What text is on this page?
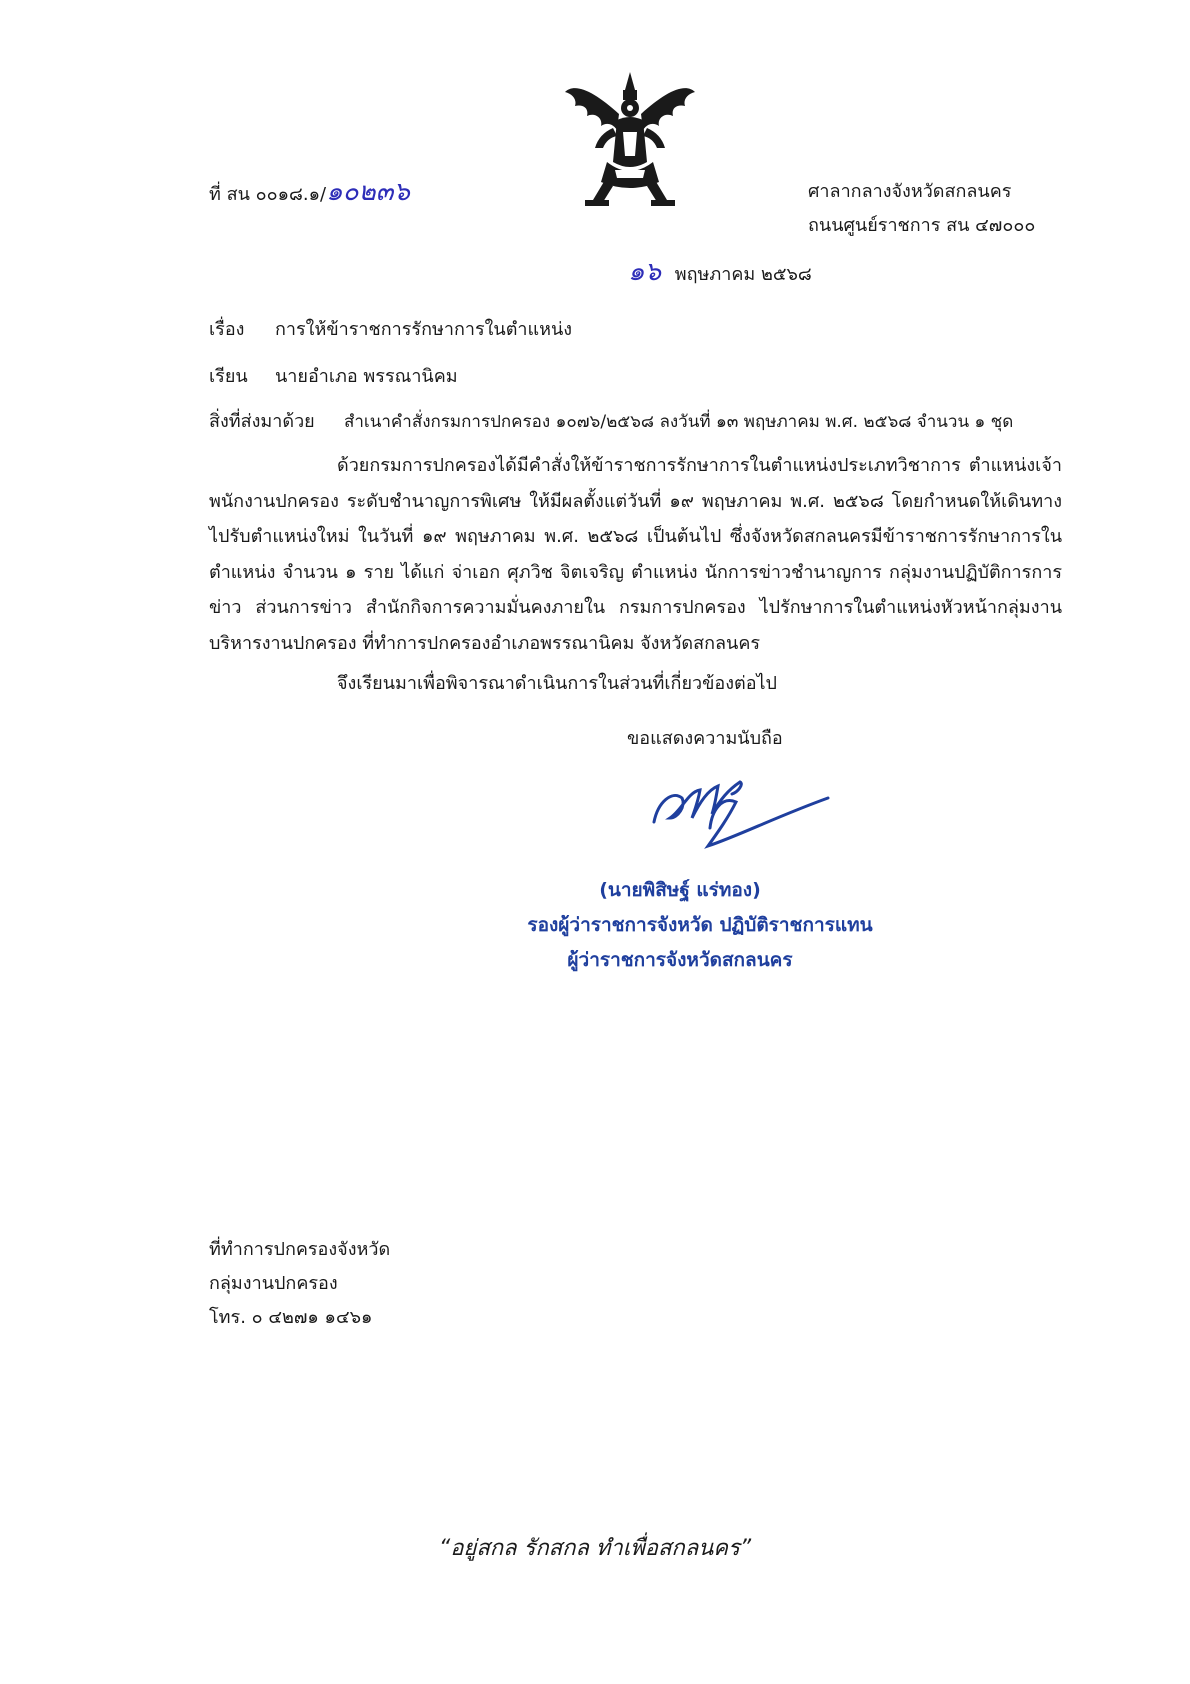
ที่ สน ๐๐๑๘.๑/๑๐๒๓๖	ศาลากลางจังหวัดสกลนคร
ถนนศูนย์ราชการ สน ๔๗๐๐๐
๑๖ พฤษภาคม ๒๕๖๘
เรื่อง การให้ข้าราชการรักษาการในตำแหน่ง
เรียน นายอำเภอ พรรณานิคม
สิ่งที่ส่งมาด้วย สำเนาคำสั่งกรมการปกครอง ๑๐๗๖/๒๕๖๘ ลงวันที่ ๑๓ พฤษภาคม พ.ศ. ๒๕๖๘ จำนวน ๑ ชุด
ด้วยกรมการปกครองได้มีคำสั่งให้ข้าราชการรักษาการในตำแหน่งประเภทวิชาการ ตำแหน่งเจ้าพนักงานปกครอง ระดับชำนาญการพิเศษ ให้มีผลตั้งแต่วันที่ ๑๙ พฤษภาคม พ.ศ. ๒๕๖๘ โดยกำหนดให้เดินทางไปรับตำแหน่งใหม่ ในวันที่ ๑๙ พฤษภาคม พ.ศ. ๒๕๖๘ เป็นต้นไป ซึ่งจังหวัดสกลนครมีข้าราชการรักษาการในตำแหน่ง จำนวน ๑ ราย ได้แก่ จ่าเอก ศุภวิช จิตเจริญ ตำแหน่ง นักการข่าวชำนาญการ กลุ่มงานปฏิบัติการการข่าว ส่วนการข่าว สำนักกิจการความมั่นคงภายใน กรมการปกครอง ไปรักษาการในตำแหน่งหัวหน้ากลุ่มงานบริหารงานปกครอง ที่ทำการปกครองอำเภอพรรณานิคม จังหวัดสกลนคร
จึงเรียนมาเพื่อพิจารณาดำเนินการในส่วนที่เกี่ยวข้องต่อไป
ขอแสดงความนับถือ
(นายพิสิษฐ์ แร่ทอง)
รองผู้ว่าราชการจังหวัด ปฏิบัติราชการแทน
ผู้ว่าราชการจังหวัดสกลนคร
ที่ทำการปกครองจังหวัด
กลุ่มงานปกครอง
โทร. ๐ ๔๒๗๑ ๑๔๖๑
“อยู่สกล รักสกล ทำเพื่อสกลนคร”
